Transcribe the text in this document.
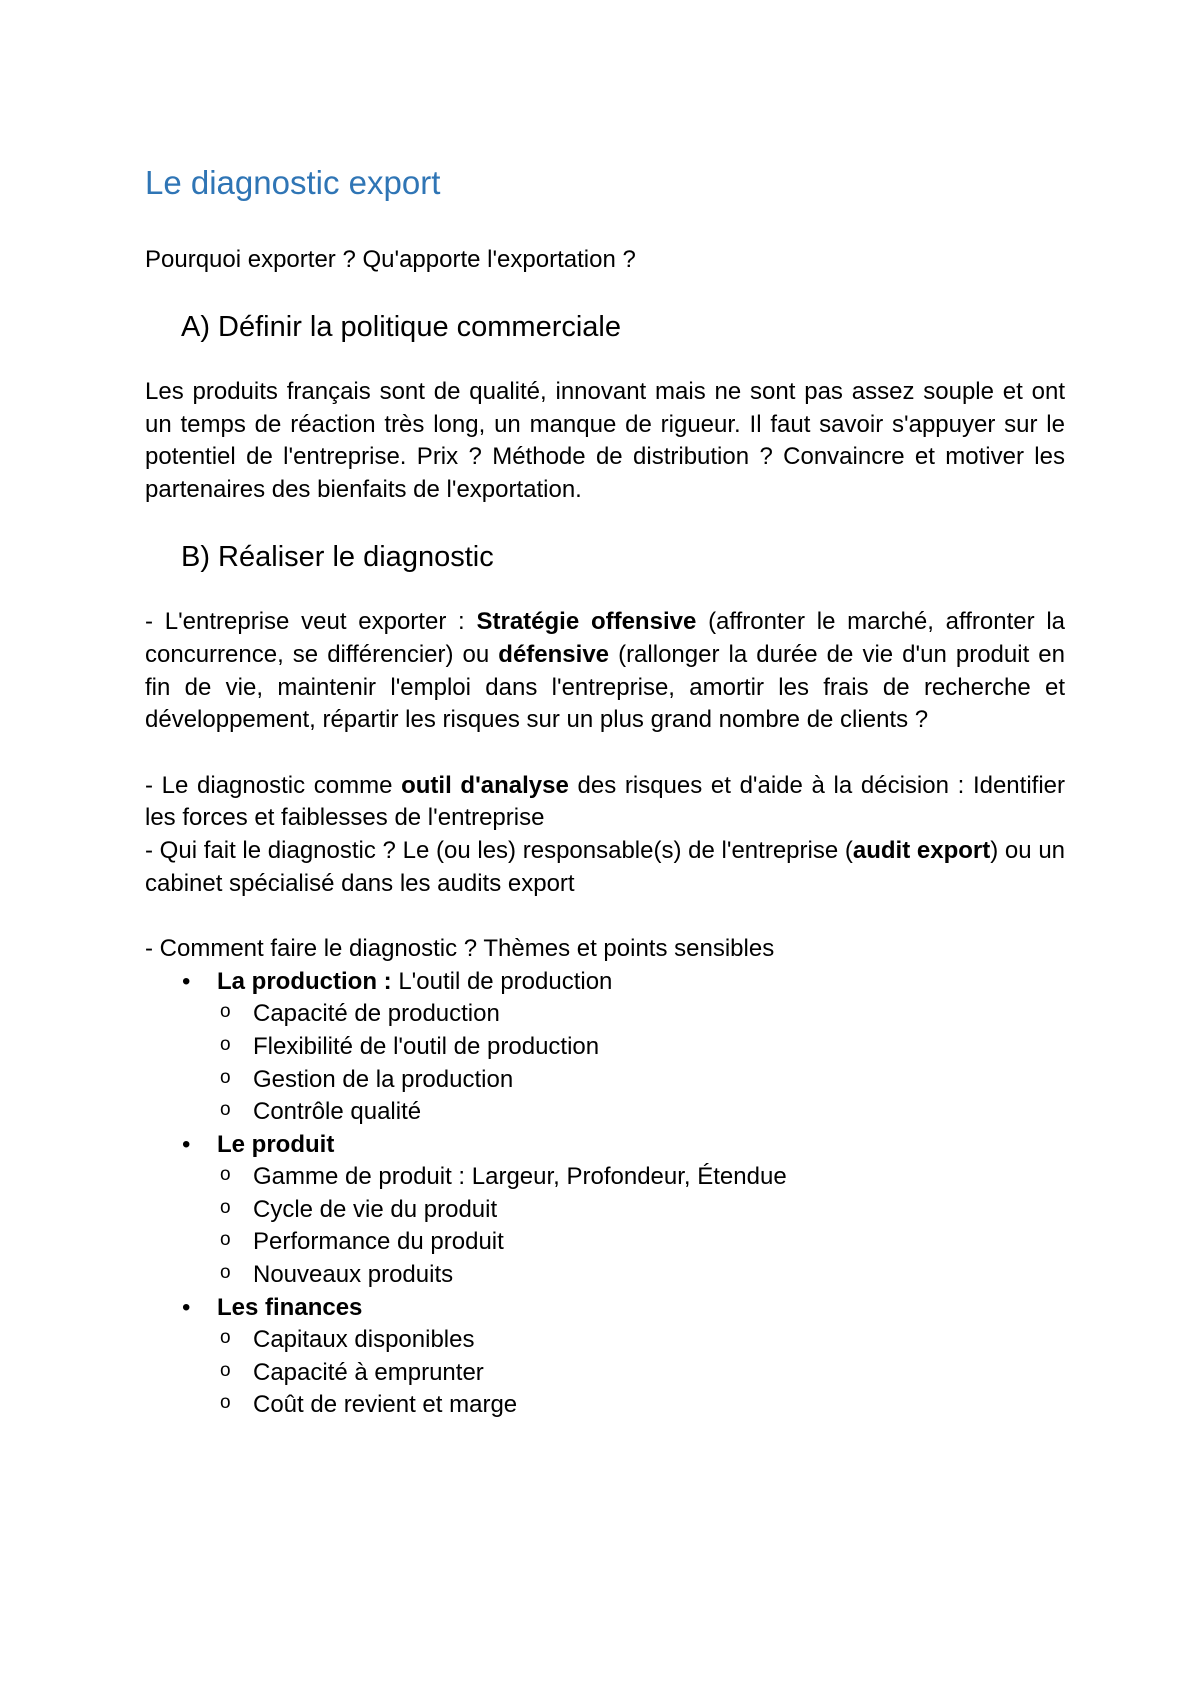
Le diagnostic export

Pourquoi exporter ? Qu'apporte l'exportation ?

A) Définir la politique commerciale

Les produits français sont de qualité, innovant mais ne sont pas assez souple et ont un temps de réaction très long, un manque de rigueur. Il faut savoir s'appuyer sur le potentiel de l'entreprise. Prix ? Méthode de distribution ? Convaincre et motiver les partenaires des bienfaits de l'exportation.

B) Réaliser le diagnostic

- L'entreprise veut exporter : Stratégie offensive (affronter le marché, affronter la concurrence, se différencier) ou défensive (rallonger la durée de vie d'un produit en fin de vie, maintenir l'emploi dans l'entreprise, amortir les frais de recherche et développement, répartir les risques sur un plus grand nombre de clients ?

- Le diagnostic comme outil d'analyse des risques et d'aide à la décision : Identifier les forces et faiblesses de l'entreprise

- Qui fait le diagnostic ? Le (ou les) responsable(s) de l'entreprise (audit export) ou un cabinet spécialisé dans les audits export

- Comment faire le diagnostic ? Thèmes et points sensibles

• La production : L'outil de production
o Capacité de production
o Flexibilité de l'outil de production
o Gestion de la production
o Contrôle qualité
• Le produit
o Gamme de produit : Largeur, Profondeur, Étendue
o Cycle de vie du produit
o Performance du produit
o Nouveaux produits
• Les finances
o Capitaux disponibles
o Capacité à emprunter
o Coût de revient et marge
